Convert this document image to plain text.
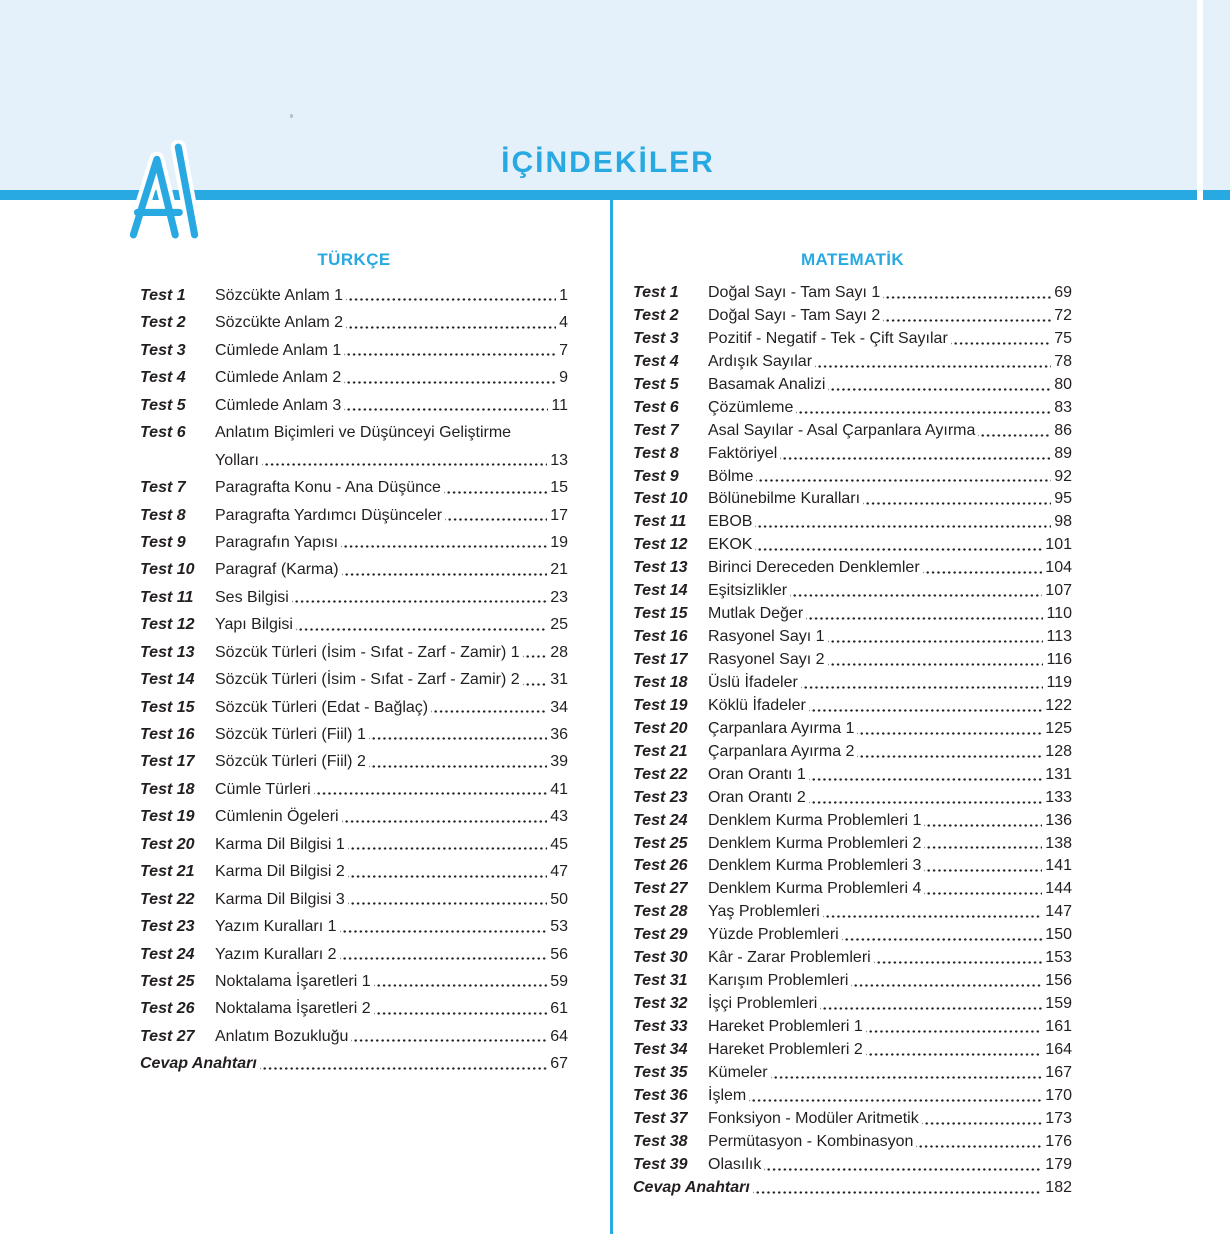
İÇİNDEKİLER
TÜRKÇE
Test 1	Sözcükte Anlam 1	1
Test 2	Sözcükte Anlam 2	4
Test 3	Cümlede Anlam 1	7
Test 4	Cümlede Anlam 2	9
Test 5	Cümlede Anlam 3	11
Test 6	Anlatım Biçimleri ve Düşünceyi Geliştirme
Yolları	13
Test 7	Paragrafta Konu - Ana Düşünce	15
Test 8	Paragrafta Yardımcı Düşünceler	17
Test 9	Paragrafın Yapısı	19
Test 10	Paragraf (Karma)	21
Test 11	Ses Bilgisi	23
Test 12	Yapı Bilgisi	25
Test 13	Sözcük Türleri (İsim - Sıfat - Zarf - Zamir) 1 28
Test 14	Sözcük Türleri (İsim - Sıfat - Zarf - Zamir) 2 31
Test 15	Sözcük Türleri (Edat - Bağlaç)	34
Test 16	Sözcük Türleri (Fiil) 1	36
Test 17	Sözcük Türleri (Fiil) 2	39
Test 18	Cümle Türleri	41
Test 19	Cümlenin Ögeleri	43
Test 20	Karma Dil Bilgisi 1	45
Test 21	Karma Dil Bilgisi 2	47
Test 22	Karma Dil Bilgisi 3	50
Test 23	Yazım Kuralları 1	53
Test 24	Yazım Kuralları 2	56
Test 25	Noktalama İşaretleri 1	59
Test 26	Noktalama İşaretleri 2	61
Test 27	Anlatım Bozukluğu	64
Cevap Anahtarı	67
MATEMATİK
Test 1	Doğal Sayı - Tam Sayı 1	69
Test 2	Doğal Sayı - Tam Sayı 2	72
Test 3	Pozitif - Negatif - Tek - Çift Sayılar	75
Test 4	Ardışık Sayılar	78
Test 5	Basamak Analizi	80
Test 6	Çözümleme	83
Test 7	Asal Sayılar - Asal Çarpanlara Ayırma	86
Test 8	Faktöriyel	89
Test 9	Bölme	92
Test 10	Bölünebilme Kuralları	95
Test 11	EBOB	98
Test 12	EKOK	101
Test 13	Birinci Dereceden Denklemler	104
Test 14	Eşitsizlikler	107
Test 15	Mutlak Değer	110
Test 16	Rasyonel Sayı 1	113
Test 17	Rasyonel Sayı 2	116
Test 18	Üslü İfadeler	119
Test 19	Köklü İfadeler	122
Test 20	Çarpanlara Ayırma 1	125
Test 21	Çarpanlara Ayırma 2	128
Test 22	Oran Orantı 1	131
Test 23	Oran Orantı 2	133
Test 24	Denklem Kurma Problemleri 1	136
Test 25	Denklem Kurma Problemleri 2	138
Test 26	Denklem Kurma Problemleri 3	141
Test 27	Denklem Kurma Problemleri 4	144
Test 28	Yaş Problemleri	147
Test 29	Yüzde Problemleri	150
Test 30	Kâr - Zarar Problemleri	153
Test 31	Karışım Problemleri	156
Test 32	İşçi Problemleri	159
Test 33	Hareket Problemleri 1	161
Test 34	Hareket Problemleri 2	164
Test 35	Kümeler	167
Test 36	İşlem	170
Test 37	Fonksiyon - Modüler Aritmetik	173
Test 38	Permütasyon - Kombinasyon	176
Test 39	Olasılık	179
Cevap Anahtarı	182
